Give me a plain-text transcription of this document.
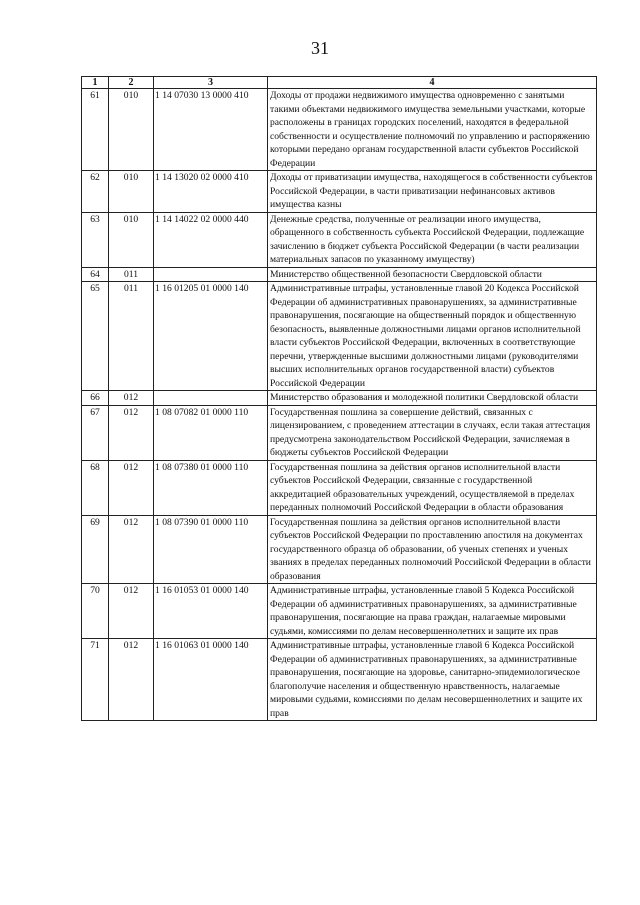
31
1	2	3	4
61	010	1 14 07030 13 0000 410	Доходы от продажи недвижимого имущества одновременно с занятыми такими объектами недвижимого имущества земельными участками, которые расположены в границах городских поселений, находятся в федеральной собственности и осуществление полномочий по управлению и распоряжению которыми передано органам государственной власти субъектов Российской Федерации
62	010	1 14 13020 02 0000 410	Доходы от приватизации имущества, находящегося в собственности субъектов Российской Федерации, в части приватизации нефинансовых активов имущества казны
63	010	1 14 14022 02 0000 440	Денежные средства, полученные от реализации иного имущества, обращенного в собственность субъекта Российской Федерации, подлежащие зачислению в бюджет субъекта Российской Федерации (в части реализации материальных запасов по указанному имуществу)
64	011		Министерство общественной безопасности Свердловской области
65	011	1 16 01205 01 0000 140	Административные штрафы, установленные главой 20 Кодекса Российской Федерации об административных правонарушениях, за административные правонарушения, посягающие на общественный порядок и общественную безопасность, выявленные должностными лицами органов исполнительной власти субъектов Российской Федерации, включенных в соответствующие перечни, утвержденные высшими должностными лицами (руководителями высших исполнительных органов государственной власти) субъектов Российской Федерации
66	012		Министерство образования и молодежной политики Свердловской области
67	012	1 08 07082 01 0000 110	Государственная пошлина за совершение действий, связанных с лицензированием, с проведением аттестации в случаях, если такая аттестация предусмотрена законодательством Российской Федерации, зачисляемая в бюджеты субъектов Российской Федерации
68	012	1 08 07380 01 0000 110	Государственная пошлина за действия органов исполнительной власти субъектов Российской Федерации, связанные с государственной аккредитацией образовательных учреждений, осуществляемой в пределах переданных полномочий Российской Федерации в области образования
69	012	1 08 07390 01 0000 110	Государственная пошлина за действия органов исполнительной власти субъектов Российской Федерации по проставлению апостиля на документах государственного образца об образовании, об ученых степенях и ученых званиях в пределах переданных полномочий Российской Федерации в области образования
70	012	1 16 01053 01 0000 140	Административные штрафы, установленные главой 5 Кодекса Российской Федерации об административных правонарушениях, за административные правонарушения, посягающие на права граждан, налагаемые мировыми судьями, комиссиями по делам несовершеннолетних и защите их прав
71	012	1 16 01063 01 0000 140	Административные штрафы, установленные главой 6 Кодекса Российской Федерации об административных правонарушениях, за административные правонарушения, посягающие на здоровье, санитарно-эпидемиологическое благополучие населения и общественную нравственность, налагаемые мировыми судьями, комиссиями по делам несовершеннолетних и защите их прав
